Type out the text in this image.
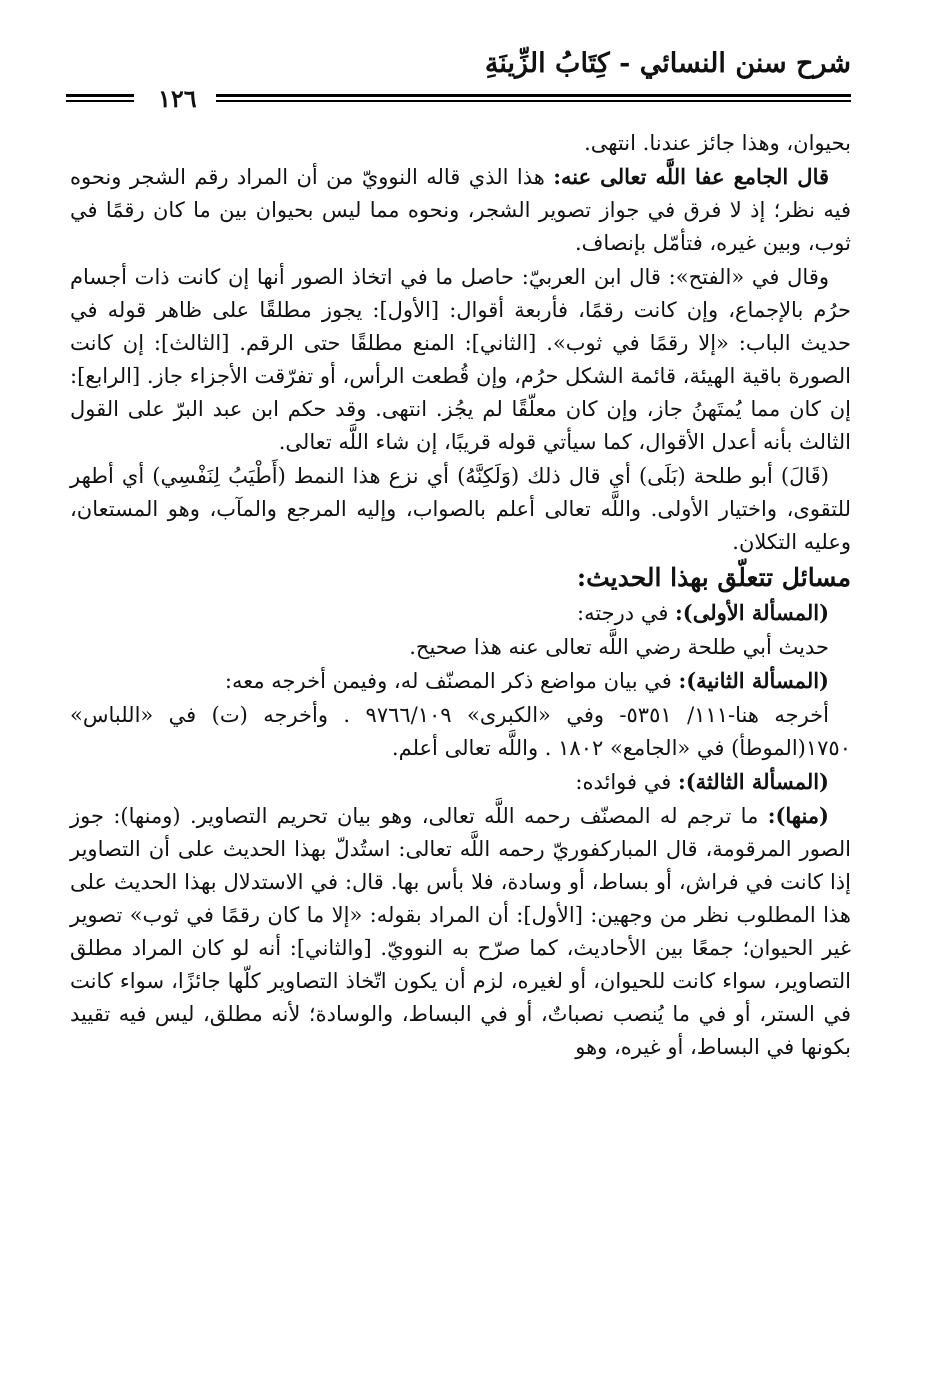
شرح سنن النسائي - كِتَابُ الزِّينَةِ
١٢٦

بحيوان، وهذا جائز عندنا. انتهى.

قال الجامع عفا اللَّه تعالى عنه: هذا الذي قاله النوويّ من أن المراد رقم الشجر ونحوه فيه نظر؛ إذ لا فرق في جواز تصوير الشجر، ونحوه مما ليس بحيوان بين ما كان رقمًا في ثوب، وبين غيره، فتأمّل بإنصاف.

وقال في «الفتح»: قال ابن العربيّ: حاصل ما في اتخاذ الصور أنها إن كانت ذات أجسام حرُم بالإجماع، وإن كانت رقمًا، فأربعة أقوال: [الأول]: يجوز مطلقًا على ظاهر قوله في حديث الباب: «إلا رقمًا في ثوب». [الثاني]: المنع مطلقًا حتى الرقم. [الثالث]: إن كانت الصورة باقية الهيئة، قائمة الشكل حرُم، وإن قُطعت الرأس، أو تفرّقت الأجزاء جاز. [الرابع]: إن كان مما يُمتَهنُ جاز، وإن كان معلّقًا لم يجُز. انتهى. وقد حكم ابن عبد البرّ على القول الثالث بأنه أعدل الأقوال، كما سيأتي قوله قريبًا، إن شاء اللَّه تعالى.

(قَالَ) أبو طلحة (بَلَى) أي قال ذلك (وَلَكِنَّهُ) أي نزع هذا النمط (أَطْيَبُ لِنَفْسِي) أي أطهر للتقوى، واختيار الأولى. واللَّه تعالى أعلم بالصواب، وإليه المرجع والمآب، وهو المستعان، وعليه التكلان.

مسائل تتعلّق بهذا الحديث:

(المسألة الأولى): في درجته:

حديث أبي طلحة رضي اللَّه تعالى عنه هذا صحيح.

(المسألة الثانية): في بيان مواضع ذكر المصنّف له، وفيمن أخرجه معه:

أخرجه هنا-١١١/ ٥٣٥١- وفي «الكبرى» ٩٧٦٦/١٠٩ . وأخرجه (ت) في «اللباس» ١٧٥٠(الموطأ) في «الجامع» ١٨٠٢ . واللَّه تعالى أعلم.

(المسألة الثالثة): في فوائده:

(منها): ما ترجم له المصنّف رحمه اللَّه تعالى، وهو بيان تحريم التصاوير. (ومنها): جوز الصور المرقومة، قال المباركفوريّ رحمه اللَّه تعالى: استُدلّ بهذا الحديث على أن التصاوير إذا كانت في فراش، أو بساط، أو وسادة، فلا بأس بها. قال: في الاستدلال بهذا الحديث على هذا المطلوب نظر من وجهين: [الأول]: أن المراد بقوله: «إلا ما كان رقمًا في ثوب» تصوير غير الحيوان؛ جمعًا بين الأحاديث، كما صرّح به النوويّ. [والثاني]: أنه لو كان المراد مطلق التصاوير، سواء كانت للحيوان، أو لغيره، لزم أن يكون اتّخاذ التصاوير كلّها جائزًا، سواء كانت في الستر، أو في ما يُنصب نصباتٌ، أو في البساط، والوسادة؛ لأنه مطلق، ليس فيه تقييد بكونها في البساط، أو غيره، وهو
